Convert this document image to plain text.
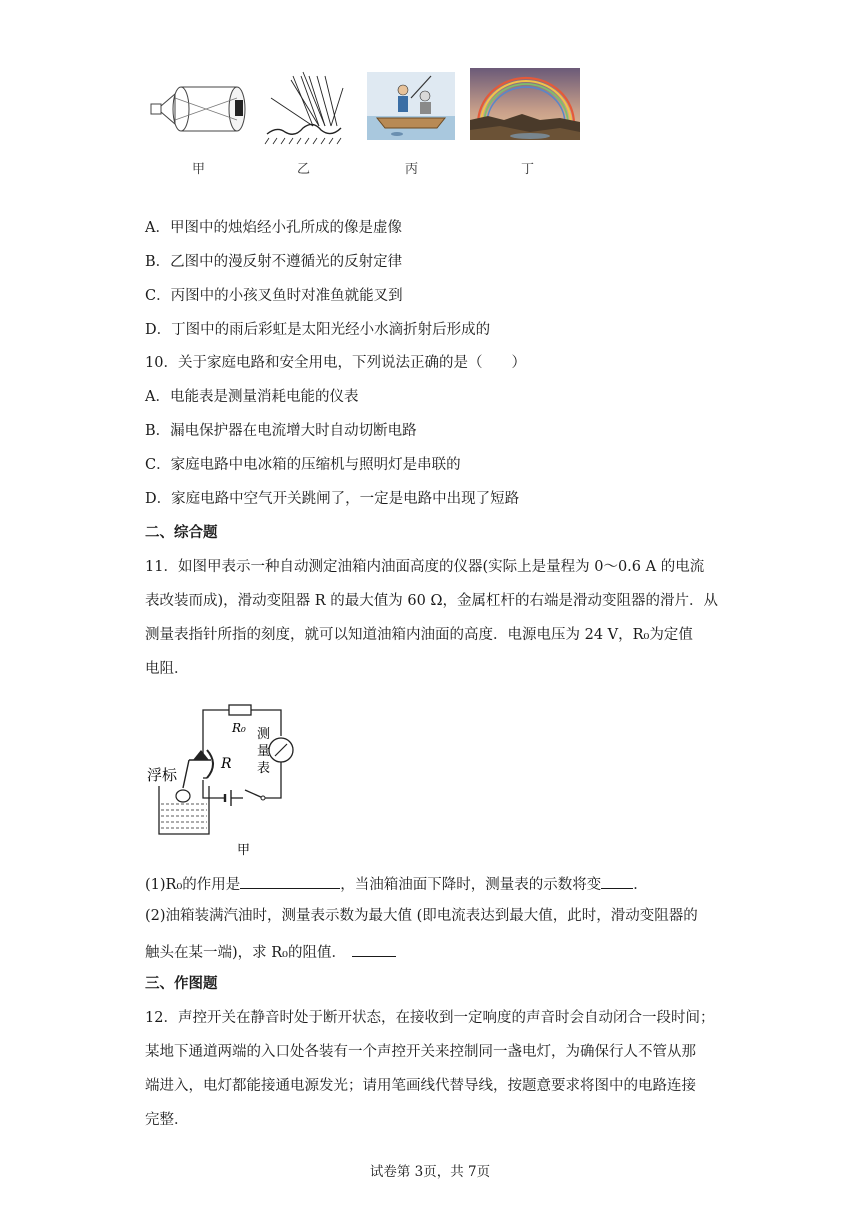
甲	乙	丙	丁
A．甲图中的烛焰经小孔所成的像是虚像
B．乙图中的漫反射不遵循光的反射定律
C．丙图中的小孩叉鱼时对准鱼就能叉到
D．丁图中的雨后彩虹是太阳光经小水滴折射后形成的
10．关于家庭电路和安全用电，下列说法正确的是（　　）
A．电能表是测量消耗电能的仪表
B．漏电保护器在电流增大时自动切断电路
C．家庭电路中电冰箱的压缩机与照明灯是串联的
D．家庭电路中空气开关跳闸了，一定是电路中出现了短路
二、综合题
11．如图甲表示一种自动测定油箱内油面高度的仪器(实际上是量程为 0～0.6 A 的电流
表改装而成)，滑动变阻器 R 的最大值为 60 Ω，金属杠杆的右端是滑动变阻器的滑片．从
测量表指针所指的刻度，就可以知道油箱内油面的高度．电源电压为 24 V，R₀为定值
电阻．
R₀ 测
量
表
R
浮标
甲
(1)R₀的作用是	，当油箱油面下降时，测量表的示数将变 ．
(2)油箱装满汽油时，测量表示数为最大值 (即电流表达到最大值，此时，滑动变阻器的
触头在某一端)，求 R₀的阻值．
三、作图题
12．声控开关在静音时处于断开状态，在接收到一定响度的声音时会自动闭合一段时间；
某地下通道两端的入口处各装有一个声控开关来控制同一盏电灯，为确保行人不管从那
端进入，电灯都能接通电源发光；请用笔画线代替导线，按题意要求将图中的电路连接
完整．
试卷第 3页，共 7页
